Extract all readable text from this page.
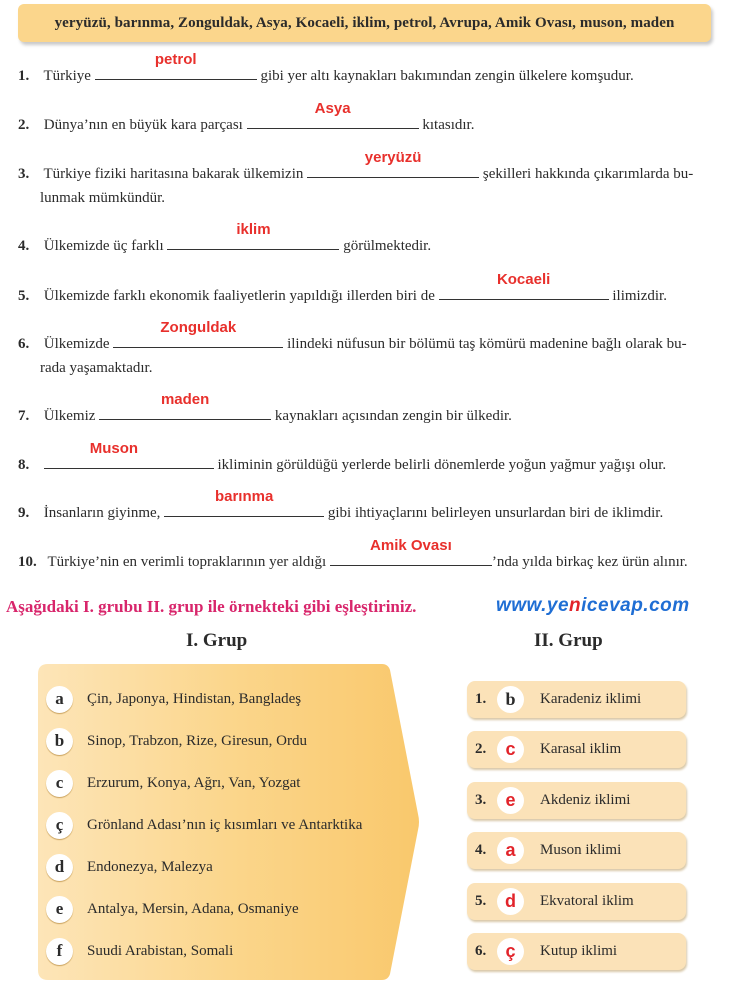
yeryüzü, barınma, Zonguldak, Asya, Kocaeli, iklim, petrol, Avrupa, Amik Ovası, muson, maden
1. Türkiye
petrol
gibi yer altı kaynakları bakımından zengin ülkelere komşudur.
2. Dünya’nın en büyük kara parçası
Asya
kıtasıdır.
3. Türkiye fiziki haritasına bakarak ülkemizin
yeryüzü
şekilleri hakkında çıkarımlarda bu-
lunmak mümkündür.
4. Ülkemizde üç farklı
iklim
görülmektedir.
5. Ülkemizde farklı ekonomik faaliyetlerin yapıldığı illerden biri de
Kocaeli
ilimizdir.
6. Ülkemizde
Zonguldak
ilindeki nüfusun bir bölümü taş kömürü madenine bağlı olarak bu-
rada yaşamaktadır.
7. Ülkemiz
maden
kaynakları açısından zengin bir ülkedir.
8.
Muson
ikliminin görüldüğü yerlerde belirli dönemlerde yoğun yağmur yağışı olur.
9. İnsanların giyinme,
barınma
gibi ihtiyaçlarını belirleyen unsurlardan biri de iklimdir.
10. Türkiye’nin en verimli topraklarının yer aldığı
Amik Ovası
’nda yılda birkaç kez ürün alınır.
Aşağıdaki I. grubu II. grup ile örnekteki gibi eşleştiriniz.	www.yenicevap.com
I. Grup	II. Grup
a	Çin, Japonya, Hindistan, Bangladeş
b	Sinop, Trabzon, Rize, Giresun, Ordu
c	Erzurum, Konya, Ağrı, Van, Yozgat
ç	Grönland Adası’nın iç kısımları ve Antarktika
d	Endonezya, Malezya
e	Antalya, Mersin, Adana, Osmaniye
f	Suudi Arabistan, Somali
1.	b	Karadeniz iklimi
2.	c	Karasal iklim
3.	e	Akdeniz iklimi
4.	a	Muson iklimi
5.	d	Ekvatoral iklim
6.	ç	Kutup iklimi
